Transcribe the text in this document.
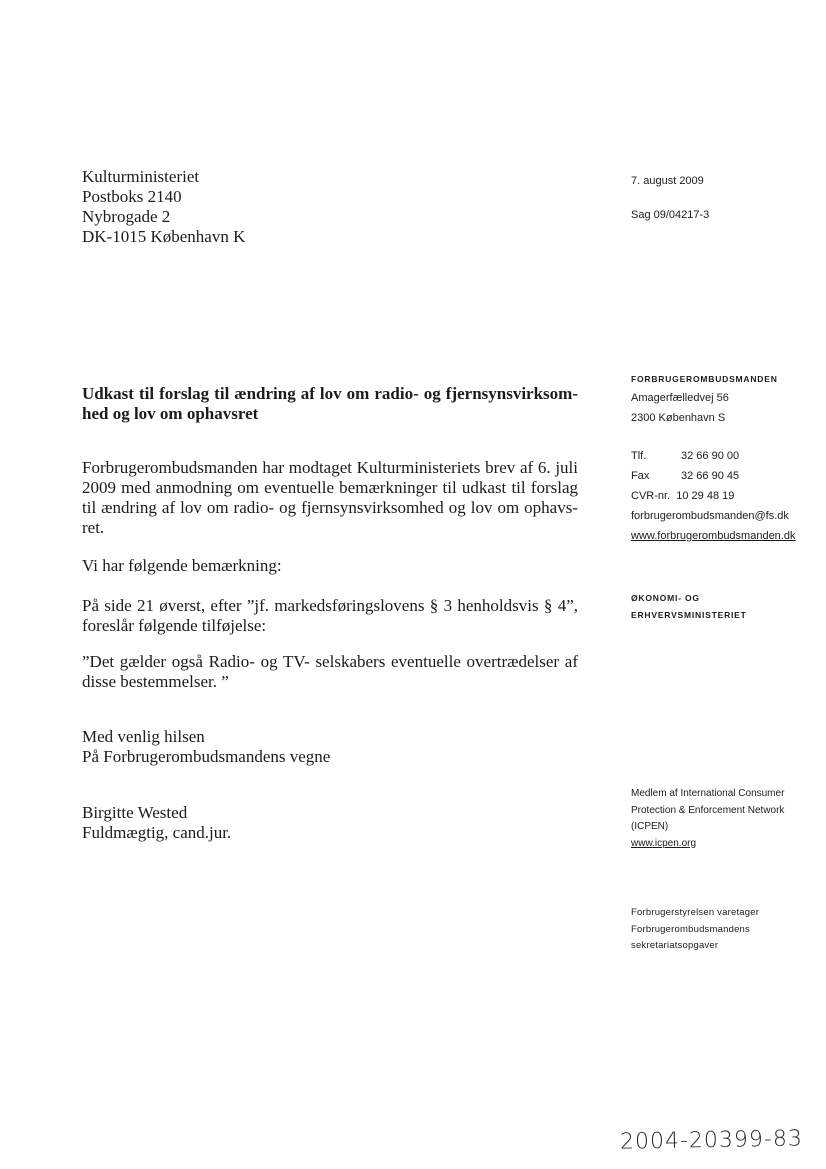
Kulturministeriet
Postboks 2140
Nybrogade 2
DK-1015 København K
7. august 2009
Sag 09/04217-3
Udkast til forslag til ændring af lov om radio- og fjernsynsvirksom-
hed og lov om ophavsret
Forbrugerombudsmanden har modtaget Kulturministeriets brev af 6. juli
2009 med anmodning om eventuelle bemærkninger til udkast til forslag
til ændring af lov om radio- og fjernsynsvirksomhed og lov om ophavs-
ret.
Vi har følgende bemærkning:
På side 21 øverst, efter ”jf. markedsføringslovens § 3 henholdsvis § 4”,
foreslår følgende tilføjelse:
”Det gælder også Radio- og TV- selskabers eventuelle overtrædelser af
disse bestemmelser. ”
Med venlig hilsen
På Forbrugerombudsmandens vegne
Birgitte Wested
Fuldmægtig, cand.jur.
FORBRUGEROMBUDSMANDEN
Amagerfælledvej 56
2300 København S
Tlf.	32 66 90 00
Fax	32 66 90 45
CVR-nr. 10 29 48 19
forbrugerombudsmanden@fs.dk
www.forbrugerombudsmanden.dk
ØKONOMI- OG
ERHVERVSMINISTERIET
Medlem af International Consumer
Protection & Enforcement Network
(ICPEN)
www.icpen.org
Forbrugerstyrelsen varetager
Forbrugerombudsmandens
sekretariatsopgaver
2004-20399-83
